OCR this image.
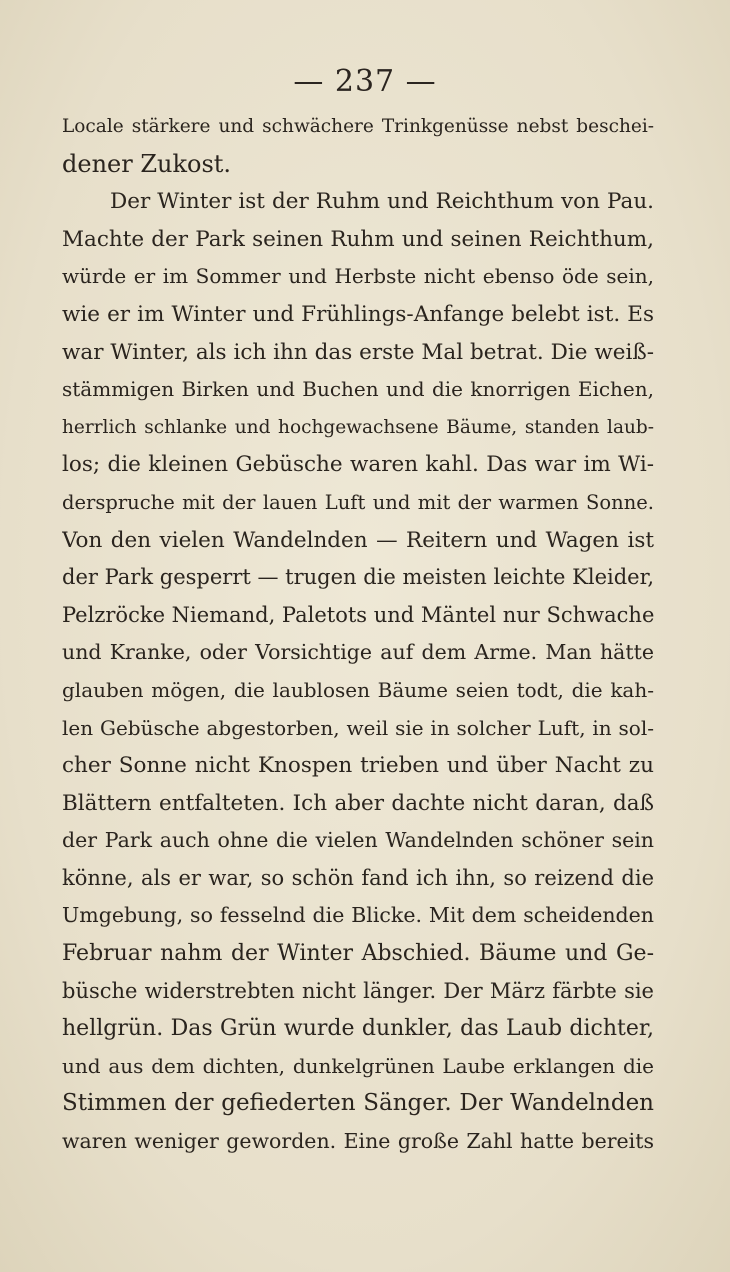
— 237 —
Locale stärkere und schwächere Trinkgenüsse nebst beschei-
dener Zukost.
Der Winter ist der Ruhm und Reichthum von Pau.
Machte der Park seinen Ruhm und seinen Reichthum,
würde er im Sommer und Herbste nicht ebenso öde sein,
wie er im Winter und Frühlings-Anfange belebt ist. Es
war Winter, als ich ihn das erste Mal betrat. Die weiß-
stämmigen Birken und Buchen und die knorrigen Eichen,
herrlich schlanke und hochgewachsene Bäume, standen laub-
los; die kleinen Gebüsche waren kahl. Das war im Wi-
derspruche mit der lauen Luft und mit der warmen Sonne.
Von den vielen Wandelnden — Reitern und Wagen ist
der Park gesperrt — trugen die meisten leichte Kleider,
Pelzröcke Niemand, Paletots und Mäntel nur Schwache
und Kranke, oder Vorsichtige auf dem Arme. Man hätte
glauben mögen, die laublosen Bäume seien todt, die kah-
len Gebüsche abgestorben, weil sie in solcher Luft, in sol-
cher Sonne nicht Knospen trieben und über Nacht zu
Blättern entfalteten. Ich aber dachte nicht daran, daß
der Park auch ohne die vielen Wandelnden schöner sein
könne, als er war, so schön fand ich ihn, so reizend die
Umgebung, so fesselnd die Blicke. Mit dem scheidenden
Februar nahm der Winter Abschied. Bäume und Ge-
büsche widerstrebten nicht länger. Der März färbte sie
hellgrün. Das Grün wurde dunkler, das Laub dichter,
und aus dem dichten, dunkelgrünen Laube erklangen die
Stimmen der gefiederten Sänger. Der Wandelnden
waren weniger geworden. Eine große Zahl hatte bereits
